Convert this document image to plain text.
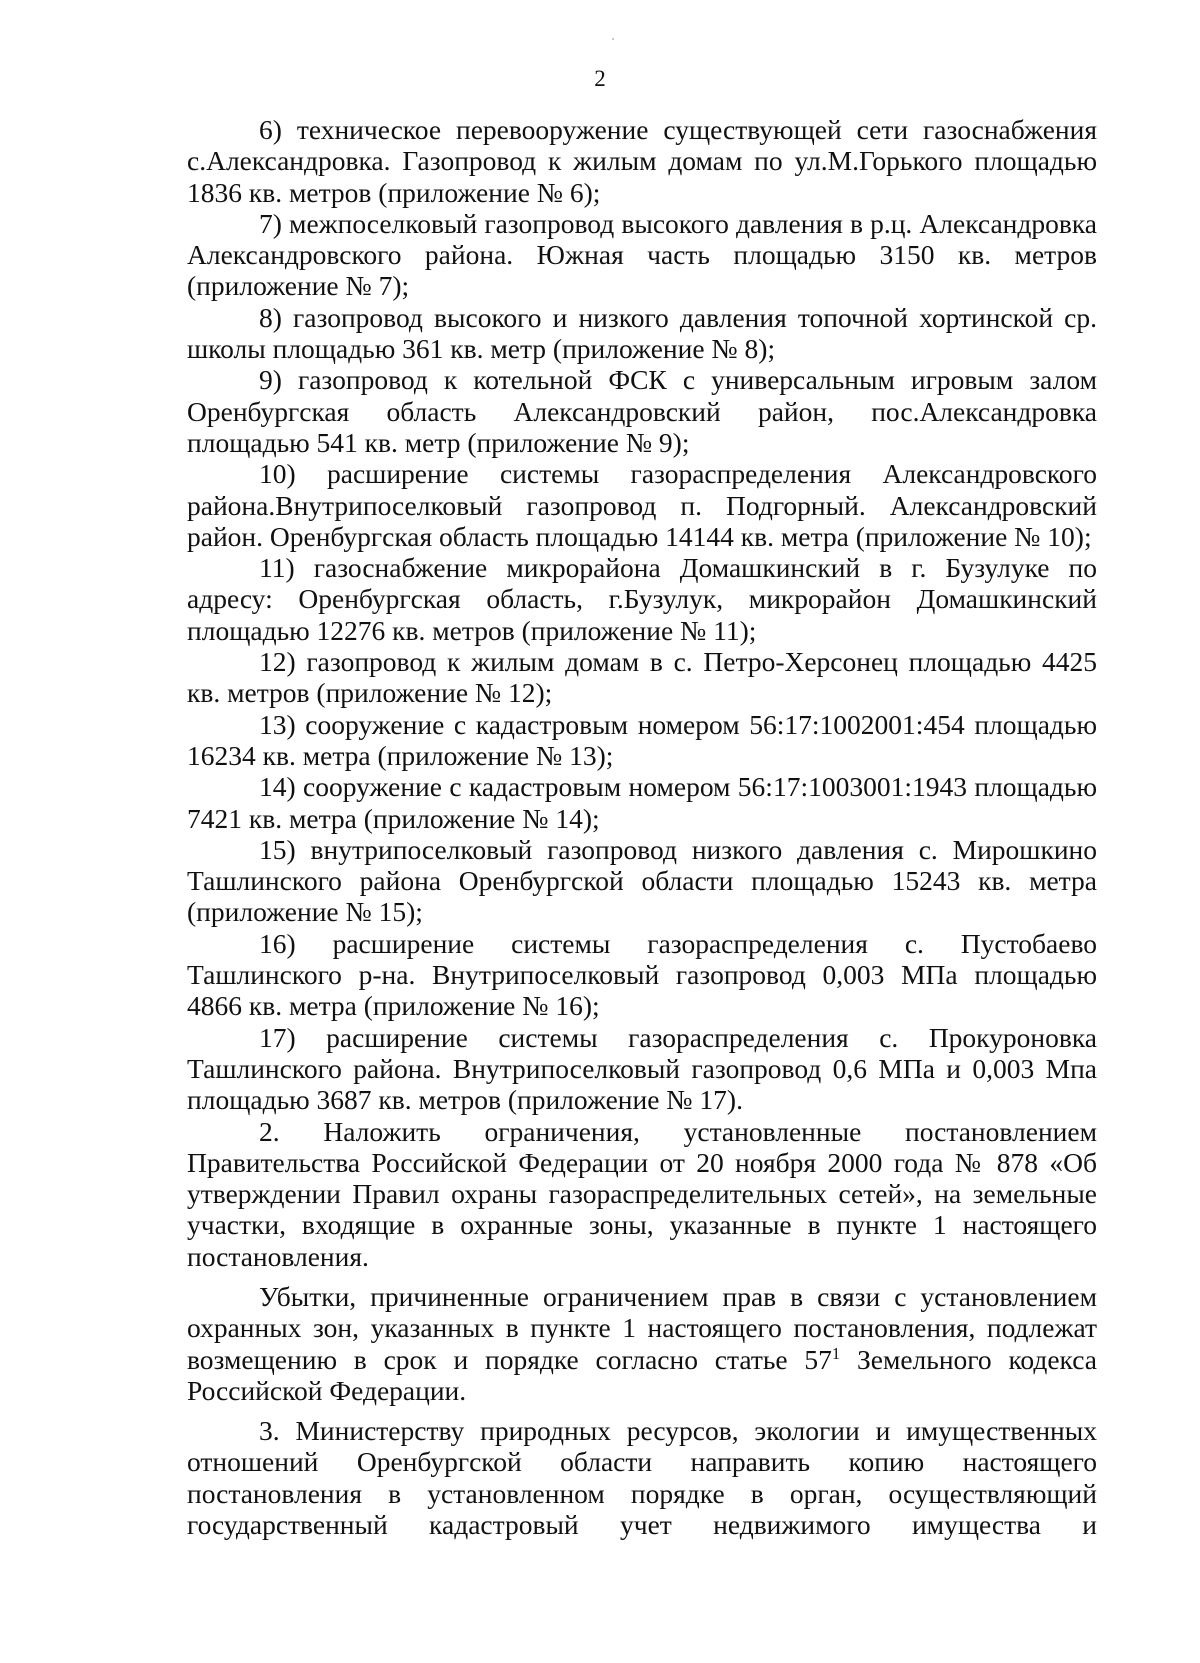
2

6) техническое перевооружение существующей сети газоснабжения с.Александровка. Газопровод к жилым домам по ул.М.Горького площадью 1836 кв. метров (приложение № 6);

7) межпоселковый газопровод высокого давления в р.ц. Александровка Александровского района. Южная часть площадью 3150 кв. метров (приложение № 7);

8) газопровод высокого и низкого давления топочной хортинской ср. школы площадью 361 кв. метр (приложение № 8);

9) газопровод к котельной ФСК с универсальным игровым залом Оренбургская область Александровский район, пос.Александровка площадью 541 кв. метр (приложение № 9);

10) расширение системы газораспределения Александровского района.Внутрипоселковый газопровод п. Подгорный. Александровский район. Оренбургская область площадью 14144 кв. метра (приложение № 10);

11) газоснабжение микрорайона Домашкинский в г. Бузулуке по адресу: Оренбургская область, г.Бузулук, микрорайон Домашкинский площадью 12276 кв. метров (приложение № 11);

12) газопровод к жилым домам в с. Петро-Херсонец площадью 4425 кв. метров (приложение № 12);

13) сооружение с кадастровым номером 56:17:1002001:454 площадью 16234 кв. метра (приложение № 13);

14) сооружение с кадастровым номером 56:17:1003001:1943 площадью 7421 кв. метра (приложение № 14);

15) внутрипоселковый газопровод низкого давления с. Мирошкино Ташлинского района Оренбургской области площадью 15243 кв. метра (приложение № 15);

16) расширение системы газораспределения с. Пустобаево Ташлинского р-на. Внутрипоселковый газопровод 0,003 МПа площадью 4866 кв. метра (приложение № 16);

17) расширение системы газораспределения с. Прокуроновка Ташлинского района. Внутрипоселковый газопровод 0,6 МПа и 0,003 Мпа площадью 3687 кв. метров (приложение № 17).

2. Наложить ограничения, установленные постановлением Правительства Российской Федерации от 20 ноября 2000 года № 878 «Об утверждении Правил охраны газораспределительных сетей», на земельные участки, входящие в охранные зоны, указанные в пункте 1 настоящего постановления.

Убытки, причиненные ограничением прав в связи с установлением охранных зон, указанных в пункте 1 настоящего постановления, подлежат возмещению в срок и порядке согласно статье $57^1$ Земельного кодекса Российской Федерации.

3. Министерству природных ресурсов, экологии и имущественных отношений Оренбургской области направить копию настоящего постановления в установленном порядке в орган, осуществляющий государственный кадастровый учет недвижимого имущества и
